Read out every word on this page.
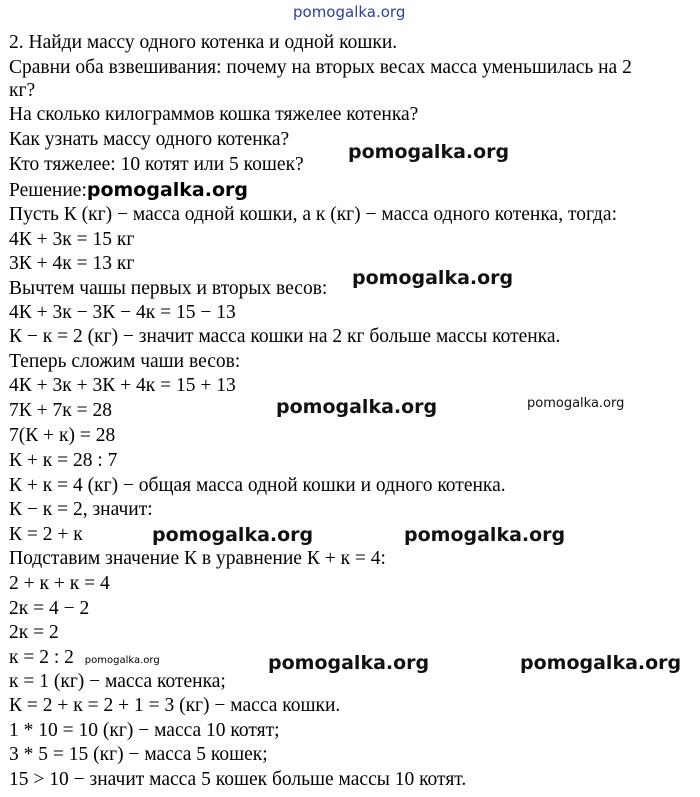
pomogalka.org
2. Найди массу одного котенка и одной кошки.
Сравни оба взвешивания: почему на вторых весах масса уменьшилась на 2
кг?
На сколько килограммов кошка тяжелее котенка?
Как узнать массу одного котенка?
Кто тяжелее: 10 котят или 5 кошек?
Решение:pomogalka.org
Пусть К (кг) − масса одной кошки, а к (кг) − масса одного котенка, тогда:
4К + 3к = 15 кг
3К + 4к = 13 кг
Вычтем чашы первых и вторых весов:
4К + 3к − 3К − 4к = 15 − 13
К − к = 2 (кг) − значит масса кошки на 2 кг больше массы котенка.
Теперь сложим чаши весов:
4К + 3к + 3К + 4к = 15 + 13
7К + 7к = 28
7(К + к) = 28
К + к = 28 : 7
К + к = 4 (кг) − общая масса одной кошки и одного котенка.
К − к = 2, значит:
К = 2 + к
Подставим значение К в уравнение К + к = 4:
2 + к + к = 4
2к = 4 − 2
2к = 2
к = 2 : 2 pomogalka.org
к = 1 (кг) − масса котенка;
К = 2 + к = 2 + 1 = 3 (кг) − масса кошки.
1 * 10 = 10 (кг) − масса 10 котят;
3 * 5 = 15 (кг) − масса 5 кошек;
15 > 10 − значит масса 5 кошек больше массы 10 котят.
pomogalka.org
pomogalka.org
pomogalka.org	pomogalka.org
pomogalka.org	pomogalka.org
pomogalka.org	pomogalka.org
